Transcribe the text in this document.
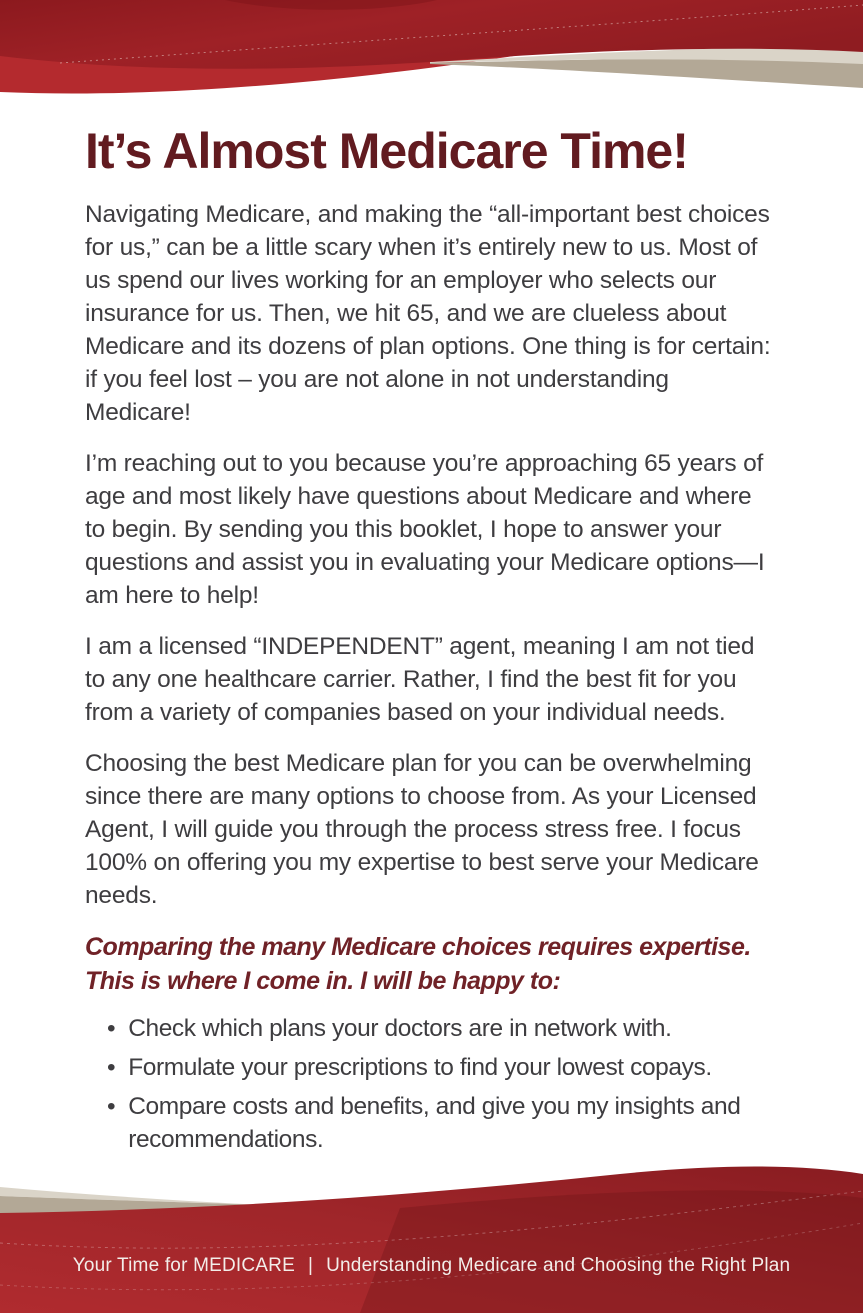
It’s Almost Medicare Time!

Navigating Medicare, and making the “all-important best choices for us,” can be a little scary when it’s entirely new to us. Most of us spend our lives working for an employer who selects our insurance for us. Then, we hit 65, and we are clueless about Medicare and its dozens of plan options. One thing is for certain: if you feel lost – you are not alone in not understanding Medicare!

I’m reaching out to you because you’re approaching 65 years of age and most likely have questions about Medicare and where to begin. By sending you this booklet, I hope to answer your questions and assist you in evaluating your Medicare options—I am here to help!

I am a licensed “INDEPENDENT” agent, meaning I am not tied to any one healthcare carrier. Rather, I find the best fit for you from a variety of companies based on your individual needs.

Choosing the best Medicare plan for you can be overwhelming since there are many options to choose from. As your Licensed Agent, I will guide you through the process stress free. I focus 100% on offering you my expertise to best serve your Medicare needs.

Comparing the many Medicare choices requires expertise. This is where I come in. I will be happy to:
• Check which plans your doctors are in network with.
• Formulate your prescriptions to find your lowest copays.
• Compare costs and benefits, and give you my insights and recommendations.
Your Time for MEDICARE | Understanding Medicare and Choosing the Right Plan
